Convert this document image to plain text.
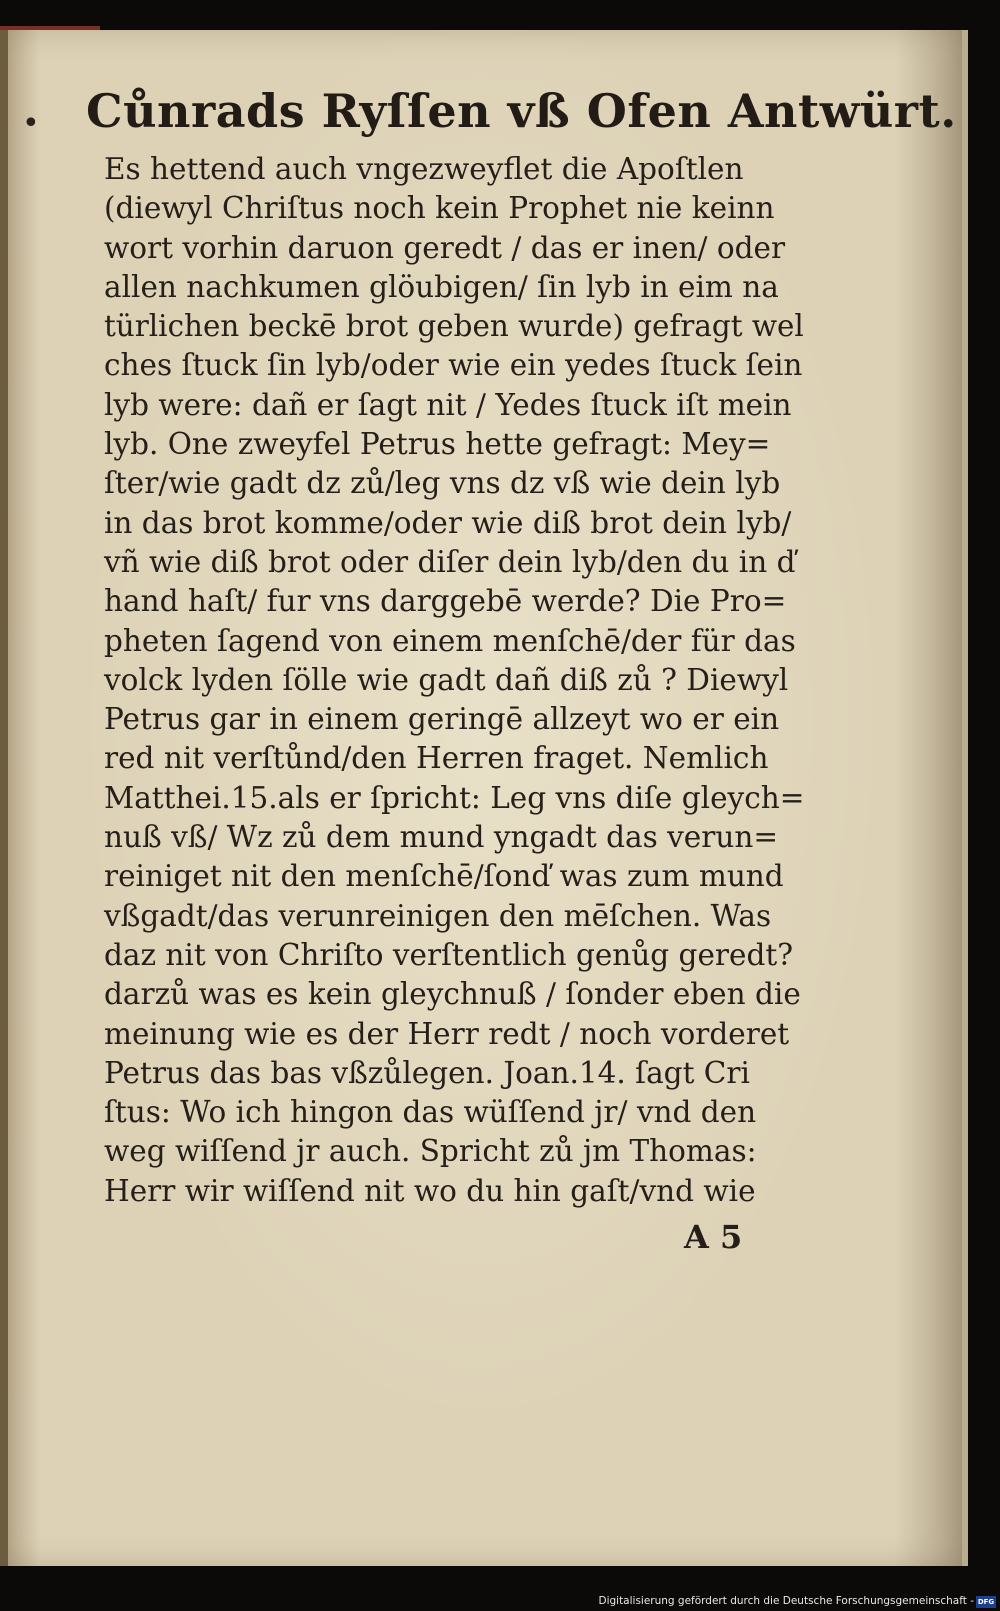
• Cůnrads Ryſſen vß Ofen Antwürt.
Es hettend auch vngezweyflet die Apoſtlen
(diewyl Chriſtus noch kein Prophet nie keinn
wort vorhin daruon geredt / das er inen/ oder
allen nachkumen glöubigen/ ſin lyb in eim na
türlichen beckē brot geben wurde) gefragt wel
ches ſtuck ſin lyb/oder wie ein yedes ſtuck ſein
lyb were: dañ er ſagt nit / Yedes ſtuck iſt mein
lyb. One zweyfel Petrus hette gefragt: Mey=
ſter/wie gadt dz zů/leg vns dz vß wie dein lyb
in das brot komme/oder wie diß brot dein lyb/
vñ wie diß brot oder diſer dein lyb/den du in ď
hand haſt/ fur vns darggebē werde? Die Pro=
pheten ſagend von einem menſchē/der für das
volck lyden ſölle wie gadt dañ diß zů ? Diewyl
Petrus gar in einem geringē allzeyt wo er ein
red nit verſtůnd/den Herren fraget. Nemlich
Matthei.15.als er ſpricht: Leg vns diſe gleych=
nuß vß/ Wz zů dem mund yngadt das verun=
reiniget nit den menſchē/ſonď was zum mund
vßgadt/das verunreinigen den mēſchen. Was
daz nit von Chriſto verſtentlich genůg geredt?
darzů was es kein gleychnuß / ſonder eben die
meinung wie es der Herr redt / noch vorderet
Petrus das bas vßzůlegen. Joan.14. ſagt Cri
ſtus: Wo ich hingon das wüſſend jr/ vnd den
weg wiſſend jr auch. Spricht zů jm Thomas:
Herr wir wiſſend nit wo du hin gaſt/vnd wie
A 5
Digitalisierung gefördert durch die Deutsche Forschungsgemeinschaft - DFG
